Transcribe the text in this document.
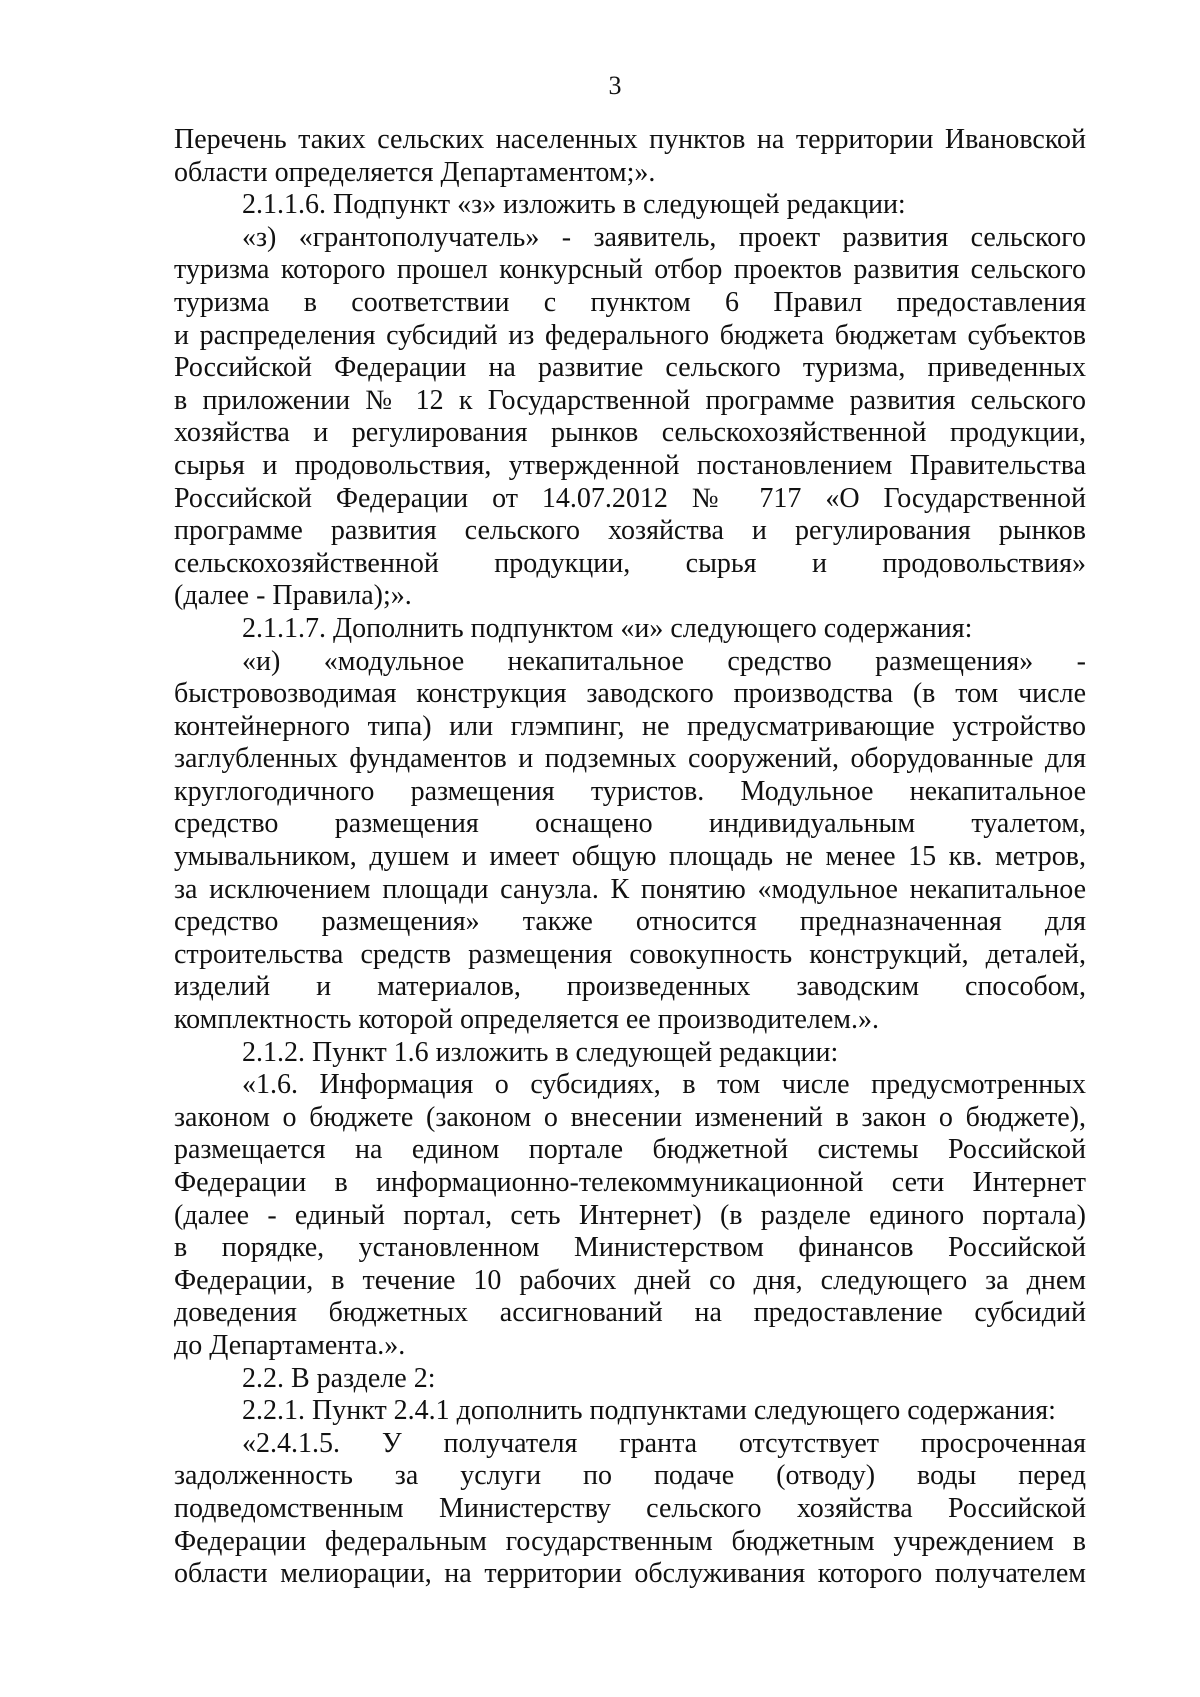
3
Перечень таких сельских населенных пунктов на территории Ивановской
области определяется Департаментом;».
2.1.1.6. Подпункт «з» изложить в следующей редакции:
«з) «грантополучатель» - заявитель, проект развития сельского
туризма которого прошел конкурсный отбор проектов развития сельского
туризма в соответствии с пунктом 6 Правил предоставления
и распределения субсидий из федерального бюджета бюджетам субъектов
Российской Федерации на развитие сельского туризма, приведенных
в приложении № 12 к Государственной программе развития сельского
хозяйства и регулирования рынков сельскохозяйственной продукции,
сырья и продовольствия, утвержденной постановлением Правительства
Российской Федерации от 14.07.2012 № 717 «О Государственной
программе развития сельского хозяйства и регулирования рынков
сельскохозяйственной продукции, сырья и продовольствия»
(далее - Правила);».
2.1.1.7. Дополнить подпунктом «и» следующего содержания:
«и) «модульное некапитальное средство размещения» -
быстровозводимая конструкция заводского производства (в том числе
контейнерного типа) или глэмпинг, не предусматривающие устройство
заглубленных фундаментов и подземных сооружений, оборудованные для
круглогодичного размещения туристов. Модульное некапитальное
средство размещения оснащено индивидуальным туалетом,
умывальником, душем и имеет общую площадь не менее 15 кв. метров,
за исключением площади санузла. К понятию «модульное некапитальное
средство размещения» также относится предназначенная для
строительства средств размещения совокупность конструкций, деталей,
изделий и материалов, произведенных заводским способом,
комплектность которой определяется ее производителем.».
2.1.2. Пункт 1.6 изложить в следующей редакции:
«1.6. Информация о субсидиях, в том числе предусмотренных
законом о бюджете (законом о внесении изменений в закон о бюджете),
размещается на едином портале бюджетной системы Российской
Федерации в информационно-телекоммуникационной сети Интернет
(далее - единый портал, сеть Интернет) (в разделе единого портала)
в порядке, установленном Министерством финансов Российской
Федерации, в течение 10 рабочих дней со дня, следующего за днем
доведения бюджетных ассигнований на предоставление субсидий
до Департамента.».
2.2. В разделе 2:
2.2.1. Пункт 2.4.1 дополнить подпунктами следующего содержания:
«2.4.1.5. У получателя гранта отсутствует просроченная
задолженность за услуги по подаче (отводу) воды перед
подведомственным Министерству сельского хозяйства Российской
Федерации федеральным государственным бюджетным учреждением в
области мелиорации, на территории обслуживания которого получателем
